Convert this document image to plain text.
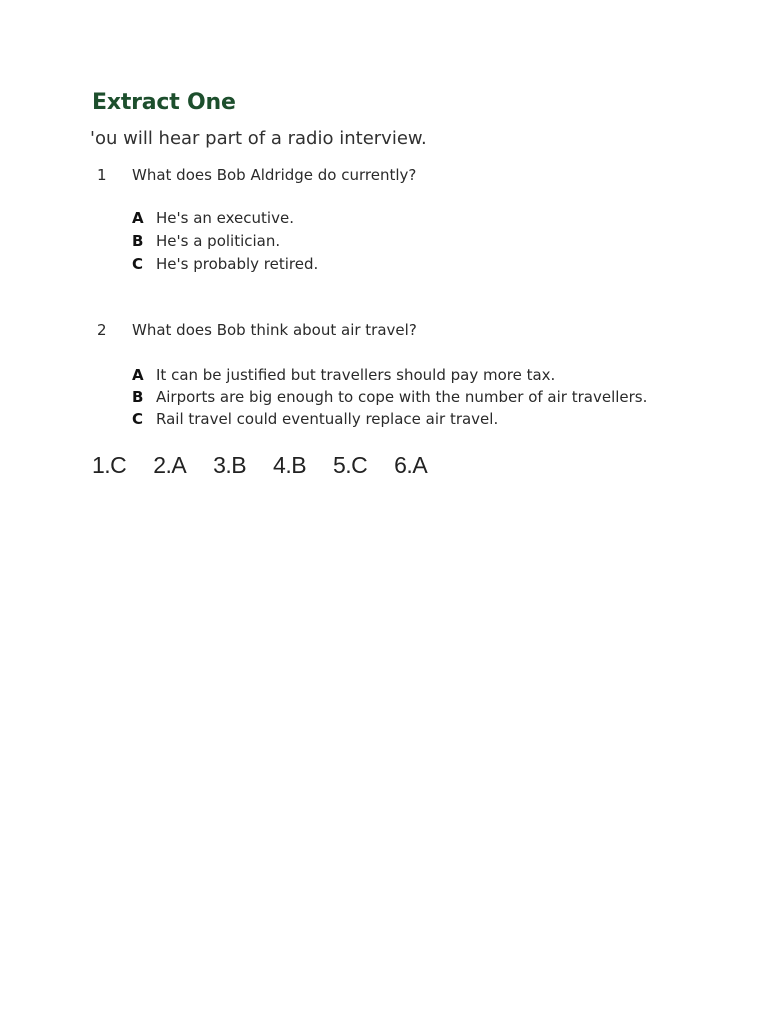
Extract One
'ou will hear part of a radio interview.
1	What does Bob Aldridge do currently?
A He's an executive.
B He's a politician.
C He's probably retired.
2	What does Bob think about air travel?
A It can be justified but travellers should pay more tax.
B Airports are big enough to cope with the number of air travellers.
C Rail travel could eventually replace air travel.
1.C 2.A 3.B 4.B 5.C 6.A
